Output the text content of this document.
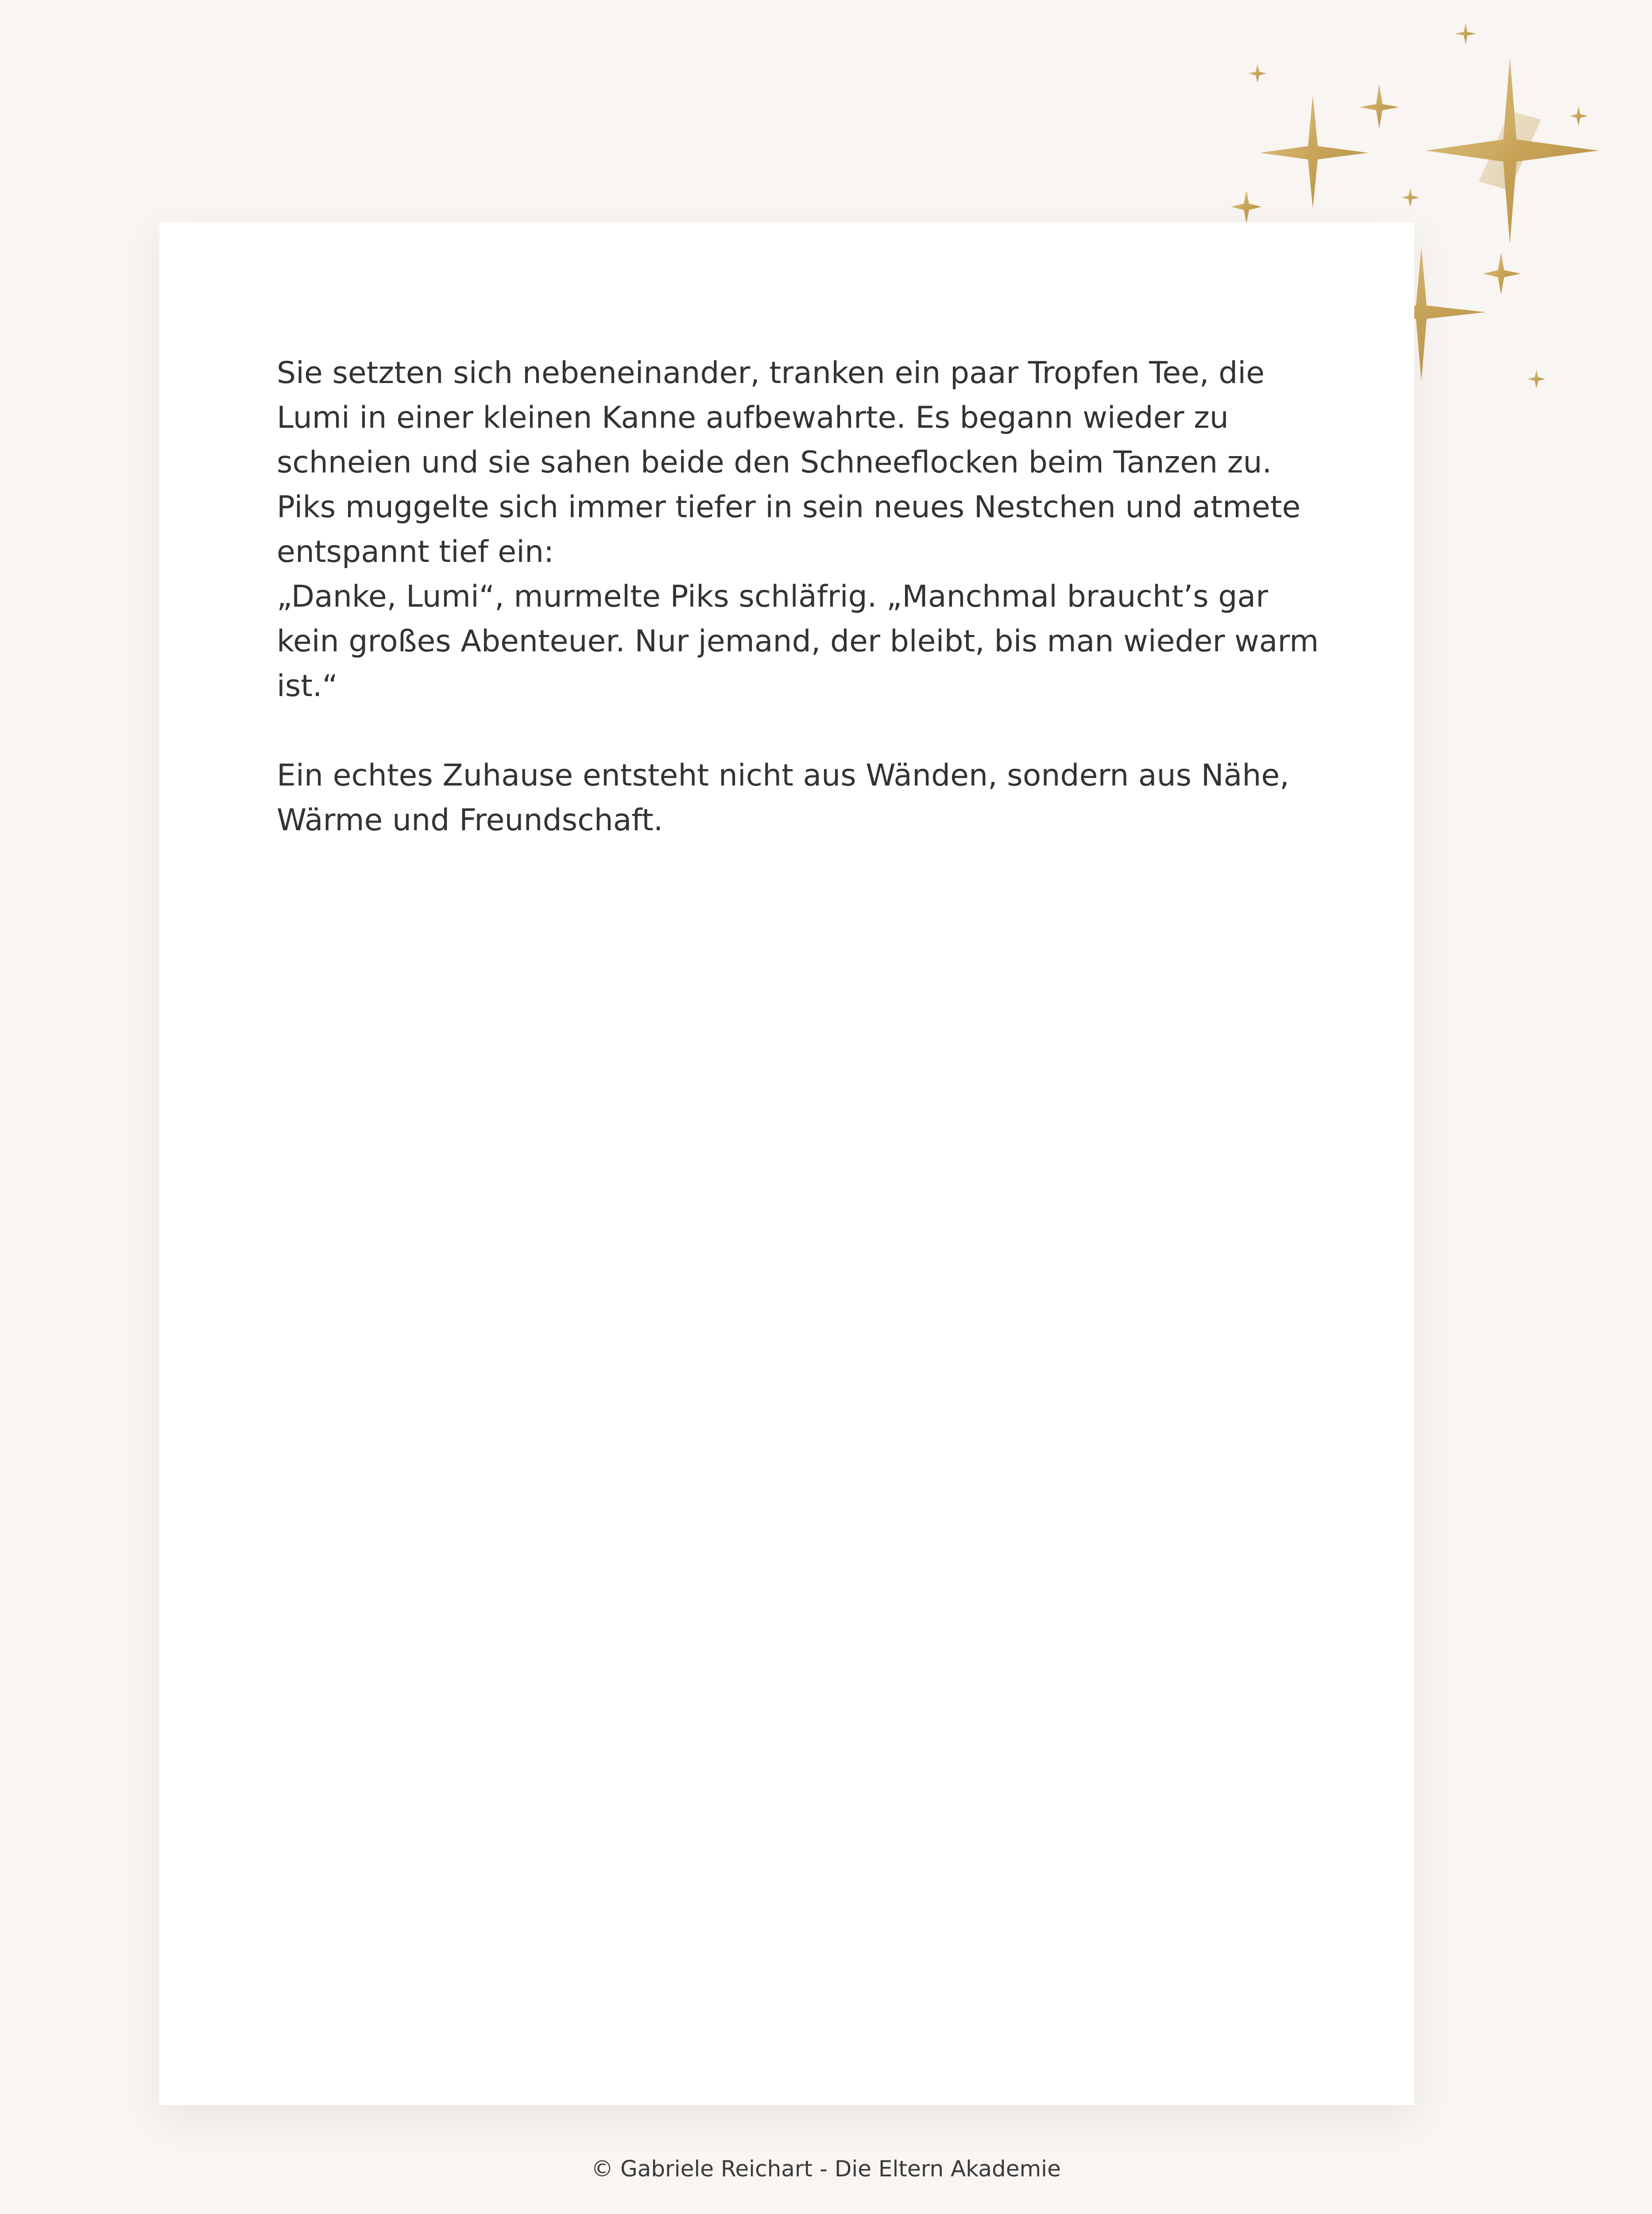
Sie setzten sich nebeneinander, tranken ein paar Tropfen Tee, die Lumi in einer kleinen Kanne aufbewahrte. Es begann wieder zu schneien und sie sahen beide den Schneeflocken beim Tanzen zu. Piks muggelte sich immer tiefer in sein neues Nestchen und atmete entspannt tief ein:

„Danke, Lumi“, murmelte Piks schläfrig. „Manchmal braucht’s gar kein großes Abenteuer. Nur jemand, der bleibt, bis man wieder warm ist.“

Ein echtes Zuhause entsteht nicht aus Wänden, sondern aus Nähe, Wärme und Freundschaft.

© Gabriele Reichart - Die Eltern Akademie
